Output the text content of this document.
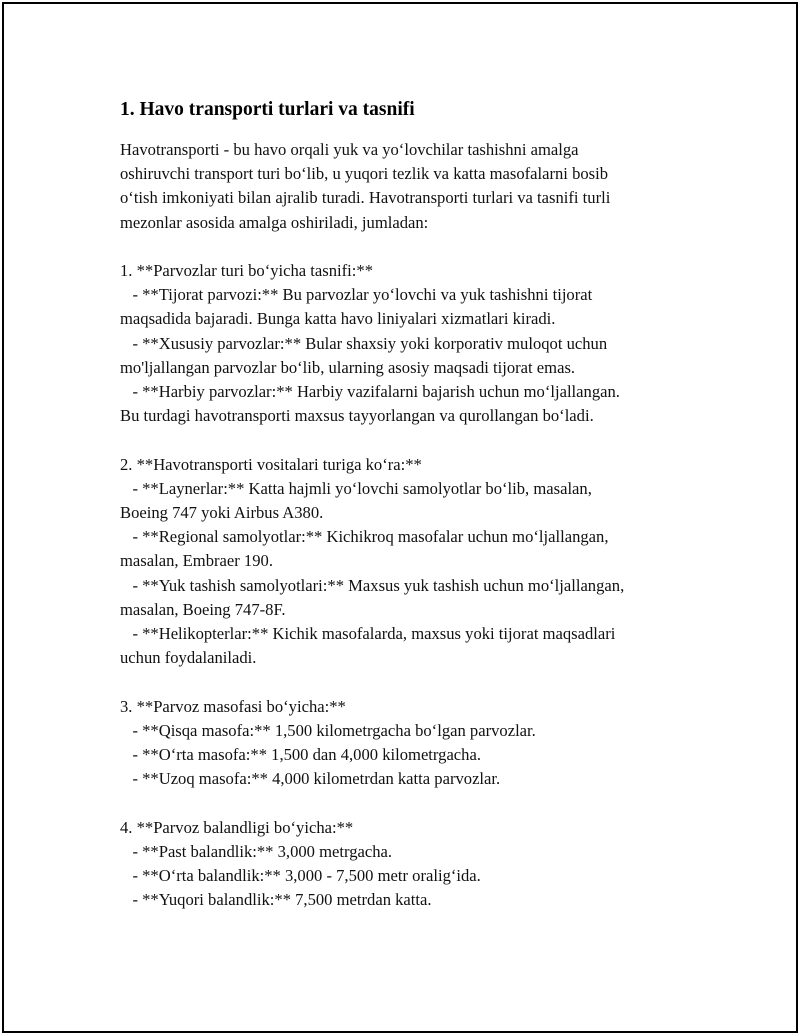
1. Havo transporti turlari va tasnifi

Havotransporti - bu havo orqali yuk va yo‘lovchilar tashishni amalga
oshiruvchi transport turi bo‘lib, u yuqori tezlik va katta masofalarni bosib
o‘tish imkoniyati bilan ajralib turadi. Havotransporti turlari va tasnifi turli
mezonlar asosida amalga oshiriladi, jumladan:

1. **Parvozlar turi bo‘yicha tasnifi:**
- **Tijorat parvozi:** Bu parvozlar yo‘lovchi va yuk tashishni tijorat
maqsadida bajaradi. Bunga katta havo liniyalari xizmatlari kiradi.
- **Xususiy parvozlar:** Bular shaxsiy yoki korporativ muloqot uchun
mo'ljallangan parvozlar bo‘lib, ularning asosiy maqsadi tijorat emas.
- **Harbiy parvozlar:** Harbiy vazifalarni bajarish uchun mo‘ljallangan.
Bu turdagi havotransporti maxsus tayyorlangan va qurollangan bo‘ladi.

2. **Havotransporti vositalari turiga ko‘ra:**
- **Laynerlar:** Katta hajmli yo‘lovchi samolyotlar bo‘lib, masalan,
Boeing 747 yoki Airbus A380.
- **Regional samolyotlar:** Kichikroq masofalar uchun mo‘ljallangan,
masalan, Embraer 190.
- **Yuk tashish samolyotlari:** Maxsus yuk tashish uchun mo‘ljallangan,
masalan, Boeing 747-8F.
- **Helikopterlar:** Kichik masofalarda, maxsus yoki tijorat maqsadlari
uchun foydalaniladi.

3. **Parvoz masofasi bo‘yicha:**
- **Qisqa masofa:** 1,500 kilometrgacha bo‘lgan parvozlar.
- **O‘rta masofa:** 1,500 dan 4,000 kilometrgacha.
- **Uzoq masofa:** 4,000 kilometrdan katta parvozlar.

4. **Parvoz balandligi bo‘yicha:**
- **Past balandlik:** 3,000 metrgacha.
- **O‘rta balandlik:** 3,000 - 7,500 metr oralig‘ida.
- **Yuqori balandlik:** 7,500 metrdan katta.
